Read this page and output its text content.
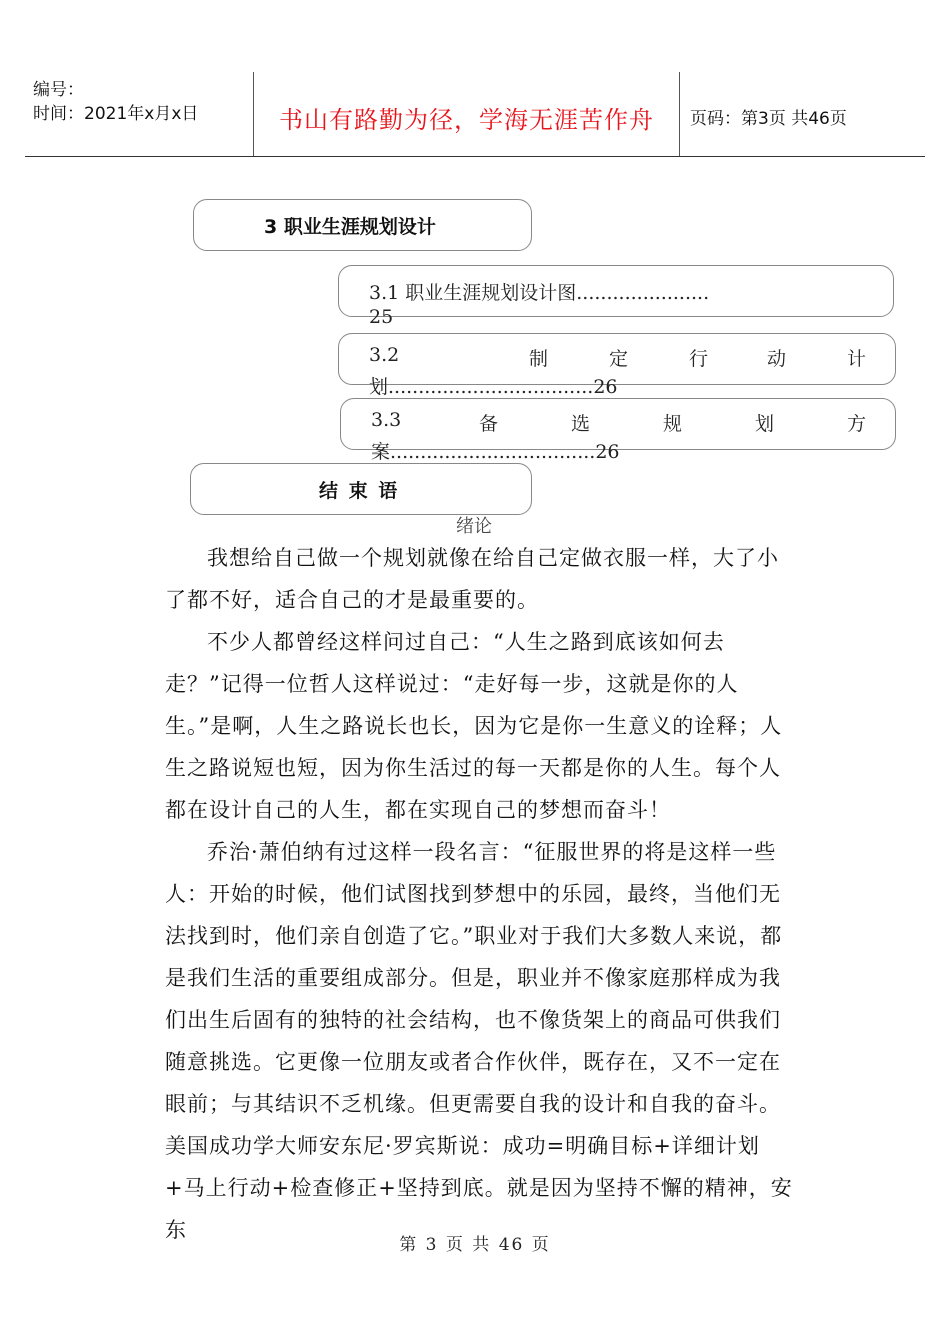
编号：
时间：2021年x月x日	书山有路勤为径，学海无涯苦作舟	页码：第3页 共46页
3 职业生涯规划设计
3.1 职业生涯规划设计图......................
25
3.2	制	定	行	动	计
划..................................26
3.3	备	选	规	划	方
案..................................26
结 束 语
绪论

我想给自己做一个规划就像在给自己定做衣服一样，大了小了都不好，适合自己的才是最重要的。

不少人都曾经这样问过自己：“人生之路到底该如何去走？”记得一位哲人这样说过：“走好每一步，这就是你的人生。”是啊，人生之路说长也长，因为它是你一生意义的诠释；人生之路说短也短，因为你生活过的每一天都是你的人生。每个人都在设计自己的人生，都在实现自己的梦想而奋斗！

乔治·萧伯纳有过这样一段名言：“征服世界的将是这样一些人：开始的时候，他们试图找到梦想中的乐园，最终，当他们无法找到时，他们亲自创造了它。”职业对于我们大多数人来说，都是我们生活的重要组成部分。但是，职业并不像家庭那样成为我们出生后固有的独特的社会结构，也不像货架上的商品可供我们随意挑选。它更像一位朋友或者合作伙伴，既存在，又不一定在眼前；与其结识不乏机缘。但更需要自我的设计和自我的奋斗。美国成功学大师安东尼·罗宾斯说：成功=明确目标+详细计划+马上行动+检查修正+坚持到底。就是因为坚持不懈的精神，安东

第 3 页 共 46 页
